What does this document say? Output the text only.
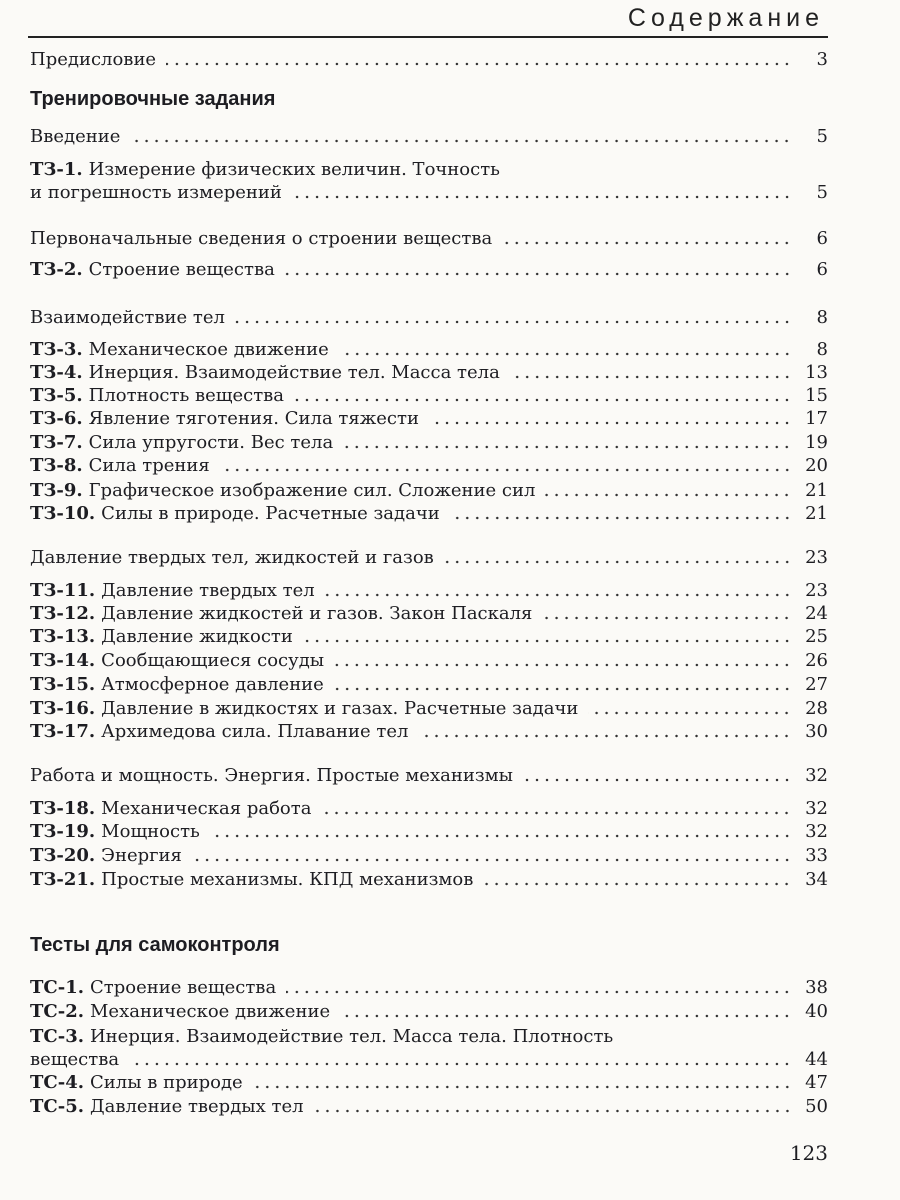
Содержание
Предисловие	3
Тренировочные задания
Тесты для самоконтроля
Введение	5
ТЗ-1. Измерение физических величин. Точность
и погрешность измерений	5
Первоначальные сведения о строении вещества	6
ТЗ-2. Строение вещества	6
Взаимодействие тел	8
ТЗ-3. Механическое движение	8
ТЗ-4. Инерция. Взаимодействие тел. Масса тела	13
ТЗ-5. Плотность вещества	15
ТЗ-6. Явление тяготения. Сила тяжести	17
ТЗ-7. Сила упругости. Вес тела	19
ТЗ-8. Сила трения	20
ТЗ-9. Графическое изображение сил. Сложение сил	21
ТЗ-10. Силы в природе. Расчетные задачи	21
Давление твердых тел, жидкостей и газов	23
ТЗ-11. Давление твердых тел	23
ТЗ-12. Давление жидкостей и газов. Закон Паскаля	24
ТЗ-13. Давление жидкости	25
ТЗ-14. Сообщающиеся сосуды	26
ТЗ-15. Атмосферное давление	27
ТЗ-16. Давление в жидкостях и газах. Расчетные задачи	28
ТЗ-17. Архимедова сила. Плавание тел	30
Работа и мощность. Энергия. Простые механизмы	32
ТЗ-18. Механическая работа	32
ТЗ-19. Мощность	32
ТЗ-20. Энергия	33
ТЗ-21. Простые механизмы. КПД механизмов	34
ТС-1. Строение вещества	38
ТС-2. Механическое движение	40
ТС-3. Инерция. Взаимодействие тел. Масса тела. Плотность
вещества	44
ТС-4. Силы в природе	47
ТС-5. Давление твердых тел	50
123
